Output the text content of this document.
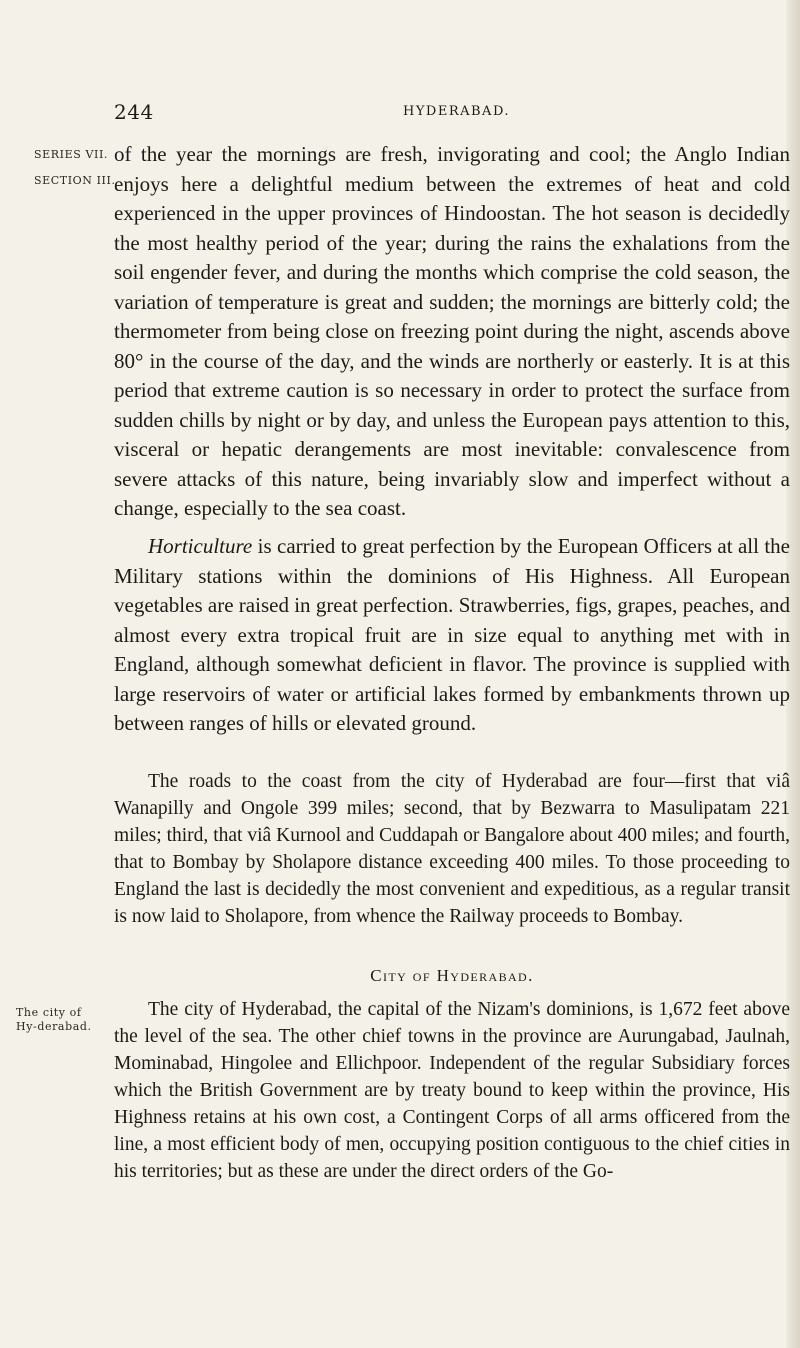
244	HYDERABAD.
SERIES VII.
SECTION III.

of the year the mornings are fresh, invigorating and cool; the Anglo Indian enjoys here a delightful medium between the extremes of heat and cold experienced in the upper provinces of Hindoostan. The hot season is decidedly the most healthy period of the year; during the rains the exhalations from the soil engender fever, and during the months which comprise the cold season, the variation of temperature is great and sudden; the mornings are bitterly cold; the thermometer from being close on freezing point during the night, ascends above 80° in the course of the day, and the winds are northerly or easterly. It is at this period that extreme caution is so necessary in order to protect the surface from sudden chills by night or by day, and unless the European pays attention to this, visceral or hepatic derangements are most inevitable: convalescence from severe attacks of this nature, being invariably slow and imperfect without a change, especially to the sea coast.

Horticulture is carried to great perfection by the European Officers at all the Military stations within the dominions of His Highness. All European vegetables are raised in great perfection. Strawberries, figs, grapes, peaches, and almost every extra tropical fruit are in size equal to anything met with in England, although somewhat deficient in flavor. The province is supplied with large reservoirs of water or artificial lakes formed by embankments thrown up between ranges of hills or elevated ground.

The roads to the coast from the city of Hyderabad are four—first that viâ Wanapilly and Ongole 399 miles; second, that by Bezwarra to Masulipatam 221 miles; third, that viâ Kurnool and Cuddapah or Bangalore about 400 miles; and fourth, that to Bombay by Sholapore distance exceeding 400 miles. To those proceeding to England the last is decidedly the most convenient and expeditious, as a regular transit is now laid to Sholapore, from whence the Railway proceeds to Bombay.

City of Hyderabad.
The city of Hy-derabad.

The city of Hyderabad, the capital of the Nizam's dominions, is 1,672 feet above the level of the sea. The other chief towns in the province are Aurungabad, Jaulnah, Mominabad, Hingolee and Ellichpoor. Independent of the regular Subsidiary forces which the British Government are by treaty bound to keep within the province, His Highness retains at his own cost, a Contingent Corps of all arms officered from the line, a most efficient body of men, occupying position contiguous to the chief cities in his territories; but as these are under the direct orders of the Go-
